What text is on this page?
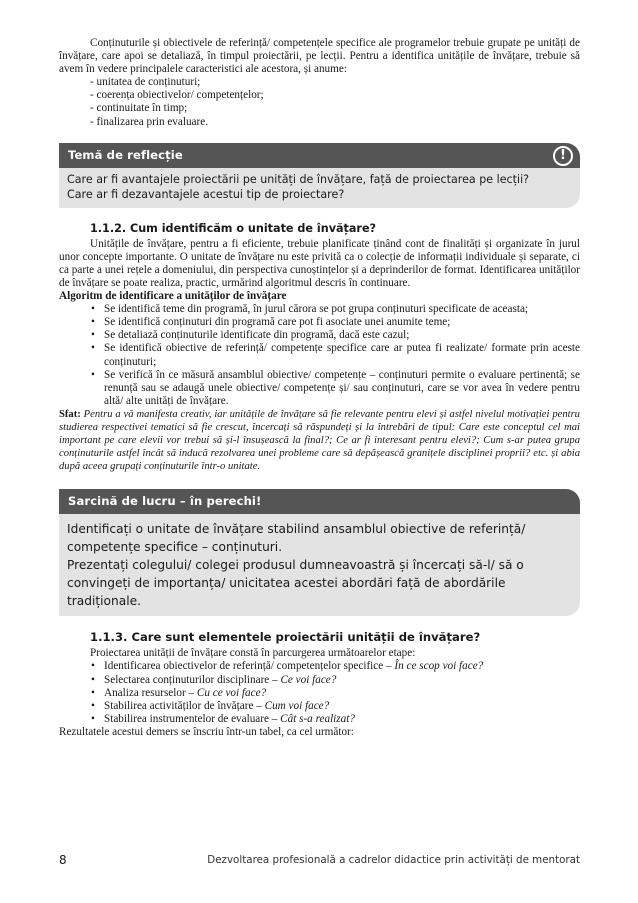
Conținuturile și obiectivele de referință/ competențele specifice ale programelor trebuie grupate pe unități de învățare, care apoi se detaliază, în timpul proiectării, pe lecții. Pentru a identifica unitățile de învățare, trebuie să avem în vedere principalele caracteristici ale acestora, și anume:

- unitatea de conținuturi;
- coerența obiectivelor/ competențelor;
- continuitate în timp;
- finalizarea prin evaluare.
Temă de reflecție	!
Care ar fi avantajele proiectării pe unități de învățare, față de proiectarea pe lecții?
Care ar fi dezavantajele acestui tip de proiectare?
1.1.2. Cum identificăm o unitate de învățare?

Unitățile de învățare, pentru a fi eficiente, trebuie planificate ținând cont de finalități și organizate în jurul unor concepte importante. O unitate de învățare nu este privită ca o colecție de informații individuale și separate, ci ca parte a unei rețele a domeniului, din perspectiva cunoștințelor și a deprinderilor de format. Identificarea unităților de învățare se poate realiza, practic, urmărind algoritmul descris în continuare.

Algoritm de identificare a unităților de învățare

• Se identifică teme din programă, în jurul cărora se pot grupa conținuturi specificate de aceasta;
• Se identifică conținuturi din programă care pot fi asociate unei anumite teme;
• Se detaliază conținuturile identificate din programă, dacă este cazul;
• Se identifică obiective de referință/ competențe specifice care ar putea fi realizate/ formate prin aceste conținuturi;
• Se verifică în ce măsură ansamblul obiective/ competențe – conținuturi permite o evaluare pertinentă; se renunță sau se adaugă unele obiective/ competențe și/ sau conținuturi, care se vor avea în vedere pentru altă/ alte unități de învățare.

Sfat: Pentru a vă manifesta creativ, iar unitățile de învățare să fie relevante pentru elevi și astfel nivelul motivației pentru studierea respectivei tematici să fie crescut, încercați să răspundeți și la întrebări de tipul: Care este conceptul cel mai important pe care elevii vor trebui să și-l însușească la final?; Ce ar fi interesant pentru elevi?; Cum s-ar putea grupa conținuturile astfel încât să inducă rezolvarea unei probleme care să depășească granițele disciplinei proprii? etc. și abia după aceea grupați conținuturile într-o unitate.

Sarcină de lucru – în perechi!
Identificați o unitate de învățare stabilind ansamblul obiective de referință/ competențe specifice – conținuturi.
Prezentați colegului/ colegei produsul dumneavoastră și încercați să-l/ să o convingeți de importanța/ unicitatea acestei abordări față de abordările tradiționale.
1.1.3. Care sunt elementele proiectării unității de învățare?

Proiectarea unității de învățare constă în parcurgerea următoarelor etape:

• Identificarea obiectivelor de referință/ competențelor specifice – În ce scop voi face?
• Selectarea conținuturilor disciplinare – Ce voi face?
• Analiza resurselor – Cu ce voi face?
• Stabilirea activităților de învățare – Cum voi face?
• Stabilirea instrumentelor de evaluare – Cât s-a realizat?

Rezultatele acestui demers se înscriu într-un tabel, ca cel următor:

8	Dezvoltarea profesională a cadrelor didactice prin activități de mentorat
